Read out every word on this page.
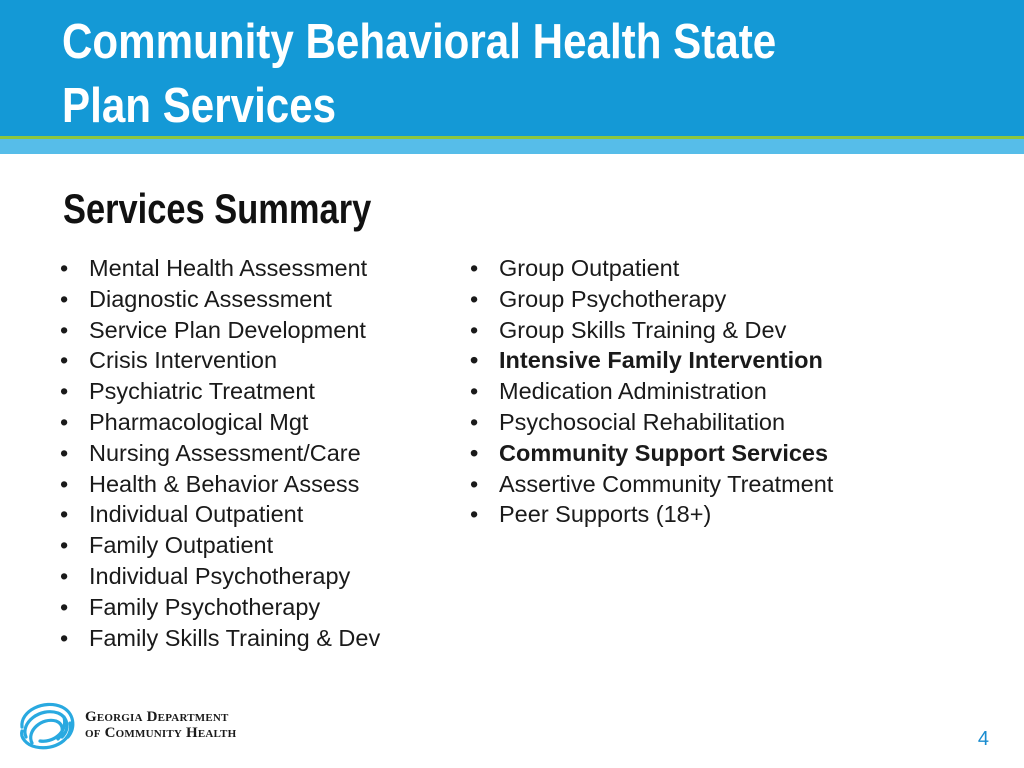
Community Behavioral Health State
Plan Services
Services Summary
• Mental Health Assessment
• Diagnostic Assessment
• Service Plan Development
• Crisis Intervention
• Psychiatric Treatment
• Pharmacological Mgt
• Nursing Assessment/Care
• Health & Behavior Assess
• Individual Outpatient
• Family Outpatient
• Individual Psychotherapy
• Family Psychotherapy
• Family Skills Training & Dev
• Group Outpatient
• Group Psychotherapy
• Group Skills Training & Dev
• Intensive Family Intervention
• Medication Administration
• Psychosocial Rehabilitation
• Community Support Services
• Assertive Community Treatment
• Peer Supports (18+)
Georgia Department
of Community Health	4
